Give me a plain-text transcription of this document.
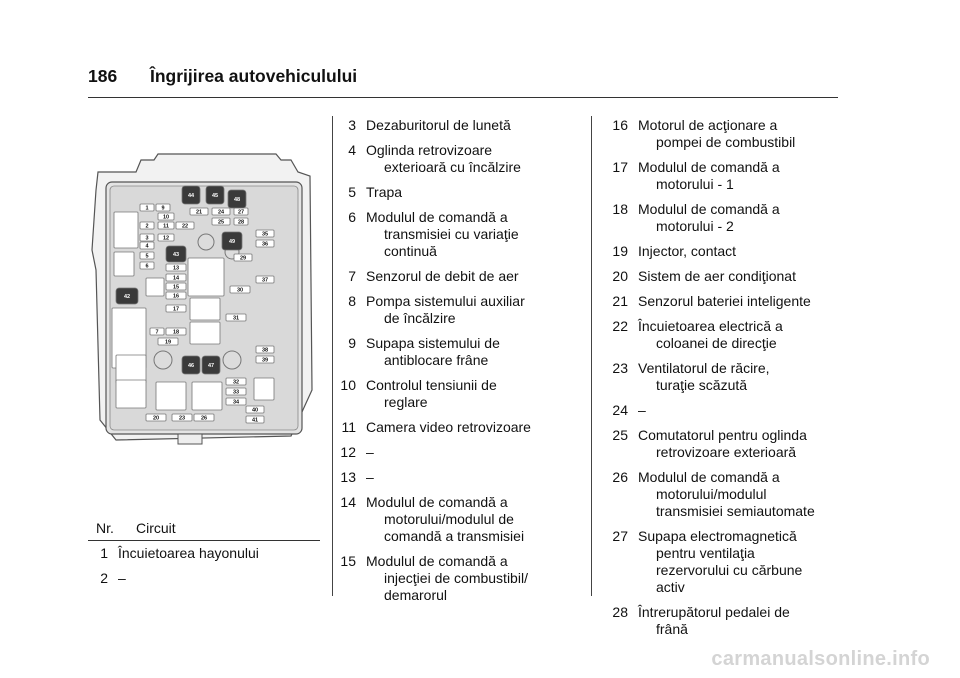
186 Îngrijirea autovehiculului
1 9
10
2	11
3	12
4
5
6	13
14
15
16
17
7	18
19
20	23	26
21
22
24	27
25	28
35
36
29
37
30
31
38
39
32
33
34
40
41
42
43
44	45
46	47
48
49
Nr. Circuit
1 Încuietoarea hayonului
2 –
3 Dezaburitorul de lunetă
4 Oglinda retrovizoare
exterioară cu încălzire
5 Trapa
6 Modulul de comandă a
transmisiei cu variaţie
continuă
7 Senzorul de debit de aer
8 Pompa sistemului auxiliar
de încălzire
9 Supapa sistemului de
antiblocare frâne
10 Controlul tensiunii de
reglare
11 Camera video retrovizoare
12 –
13 –
14 Modulul de comandă a
motorului/modulul de
comandă a transmisiei
15 Modulul de comandă a
injecţiei de combustibil/
demarorul
16 Motorul de acţionare a
pompei de combustibil
17 Modulul de comandă a
motorului - 1
18 Modulul de comandă a
motorului - 2
19 Injector, contact
20 Sistem de aer condiţionat
21 Senzorul bateriei inteligente
22 Încuietoarea electrică a
coloanei de direcţie
23 Ventilatorul de răcire,
turaţie scăzută
24 –
25 Comutatorul pentru oglinda
retrovizoare exterioară
26 Modulul de comandă a
motorului/modulul
transmisiei semiautomate
27 Supapa electromagnetică
pentru ventilaţia
rezervorului cu cărbune
activ
28 Întrerupătorul pedalei de
frână
carmanualsonline.info
